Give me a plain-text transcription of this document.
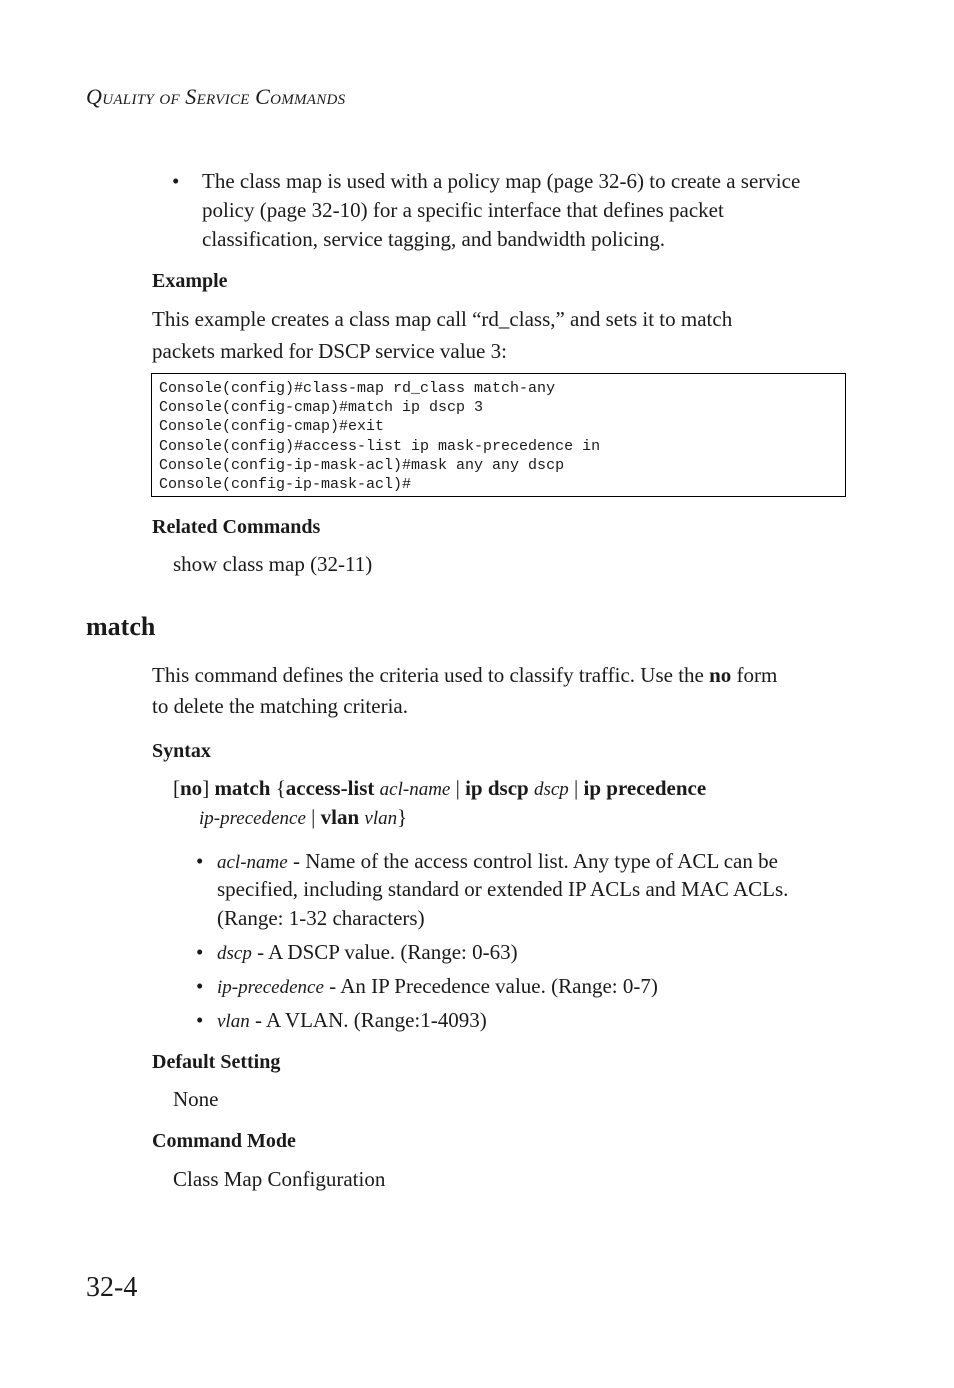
QUALITY OF SERVICE COMMANDS
• The class map is used with a policy map (page 32-6) to create a service
policy (page 32-10) for a specific interface that defines packet
classification, service tagging, and bandwidth policing.
Example
This example creates a class map call “rd_class,” and sets it to match
packets marked for DSCP service value 3:
Console(config)#class-map rd_class match-any
Console(config-cmap)#match ip dscp 3
Console(config-cmap)#exit
Console(config)#access-list ip mask-precedence in
Console(config-ip-mask-acl)#mask any any dscp
Console(config-ip-mask-acl)#
Related Commands
show class map (32-11)
match
This command defines the criteria used to classify traffic. Use the no form
to delete the matching criteria.
Syntax
[no] match {access-list acl-name | ip dscp dscp | ip precedence
ip-precedence | vlan vlan}
• acl-name - Name of the access control list. Any type of ACL can be
specified, including standard or extended IP ACLs and MAC ACLs.
(Range: 1-32 characters)
• dscp - A DSCP value. (Range: 0-63)
• ip-precedence - An IP Precedence value. (Range: 0-7)
• vlan - A VLAN. (Range:1-4093)
Default Setting
None
Command Mode
Class Map Configuration
32-4
